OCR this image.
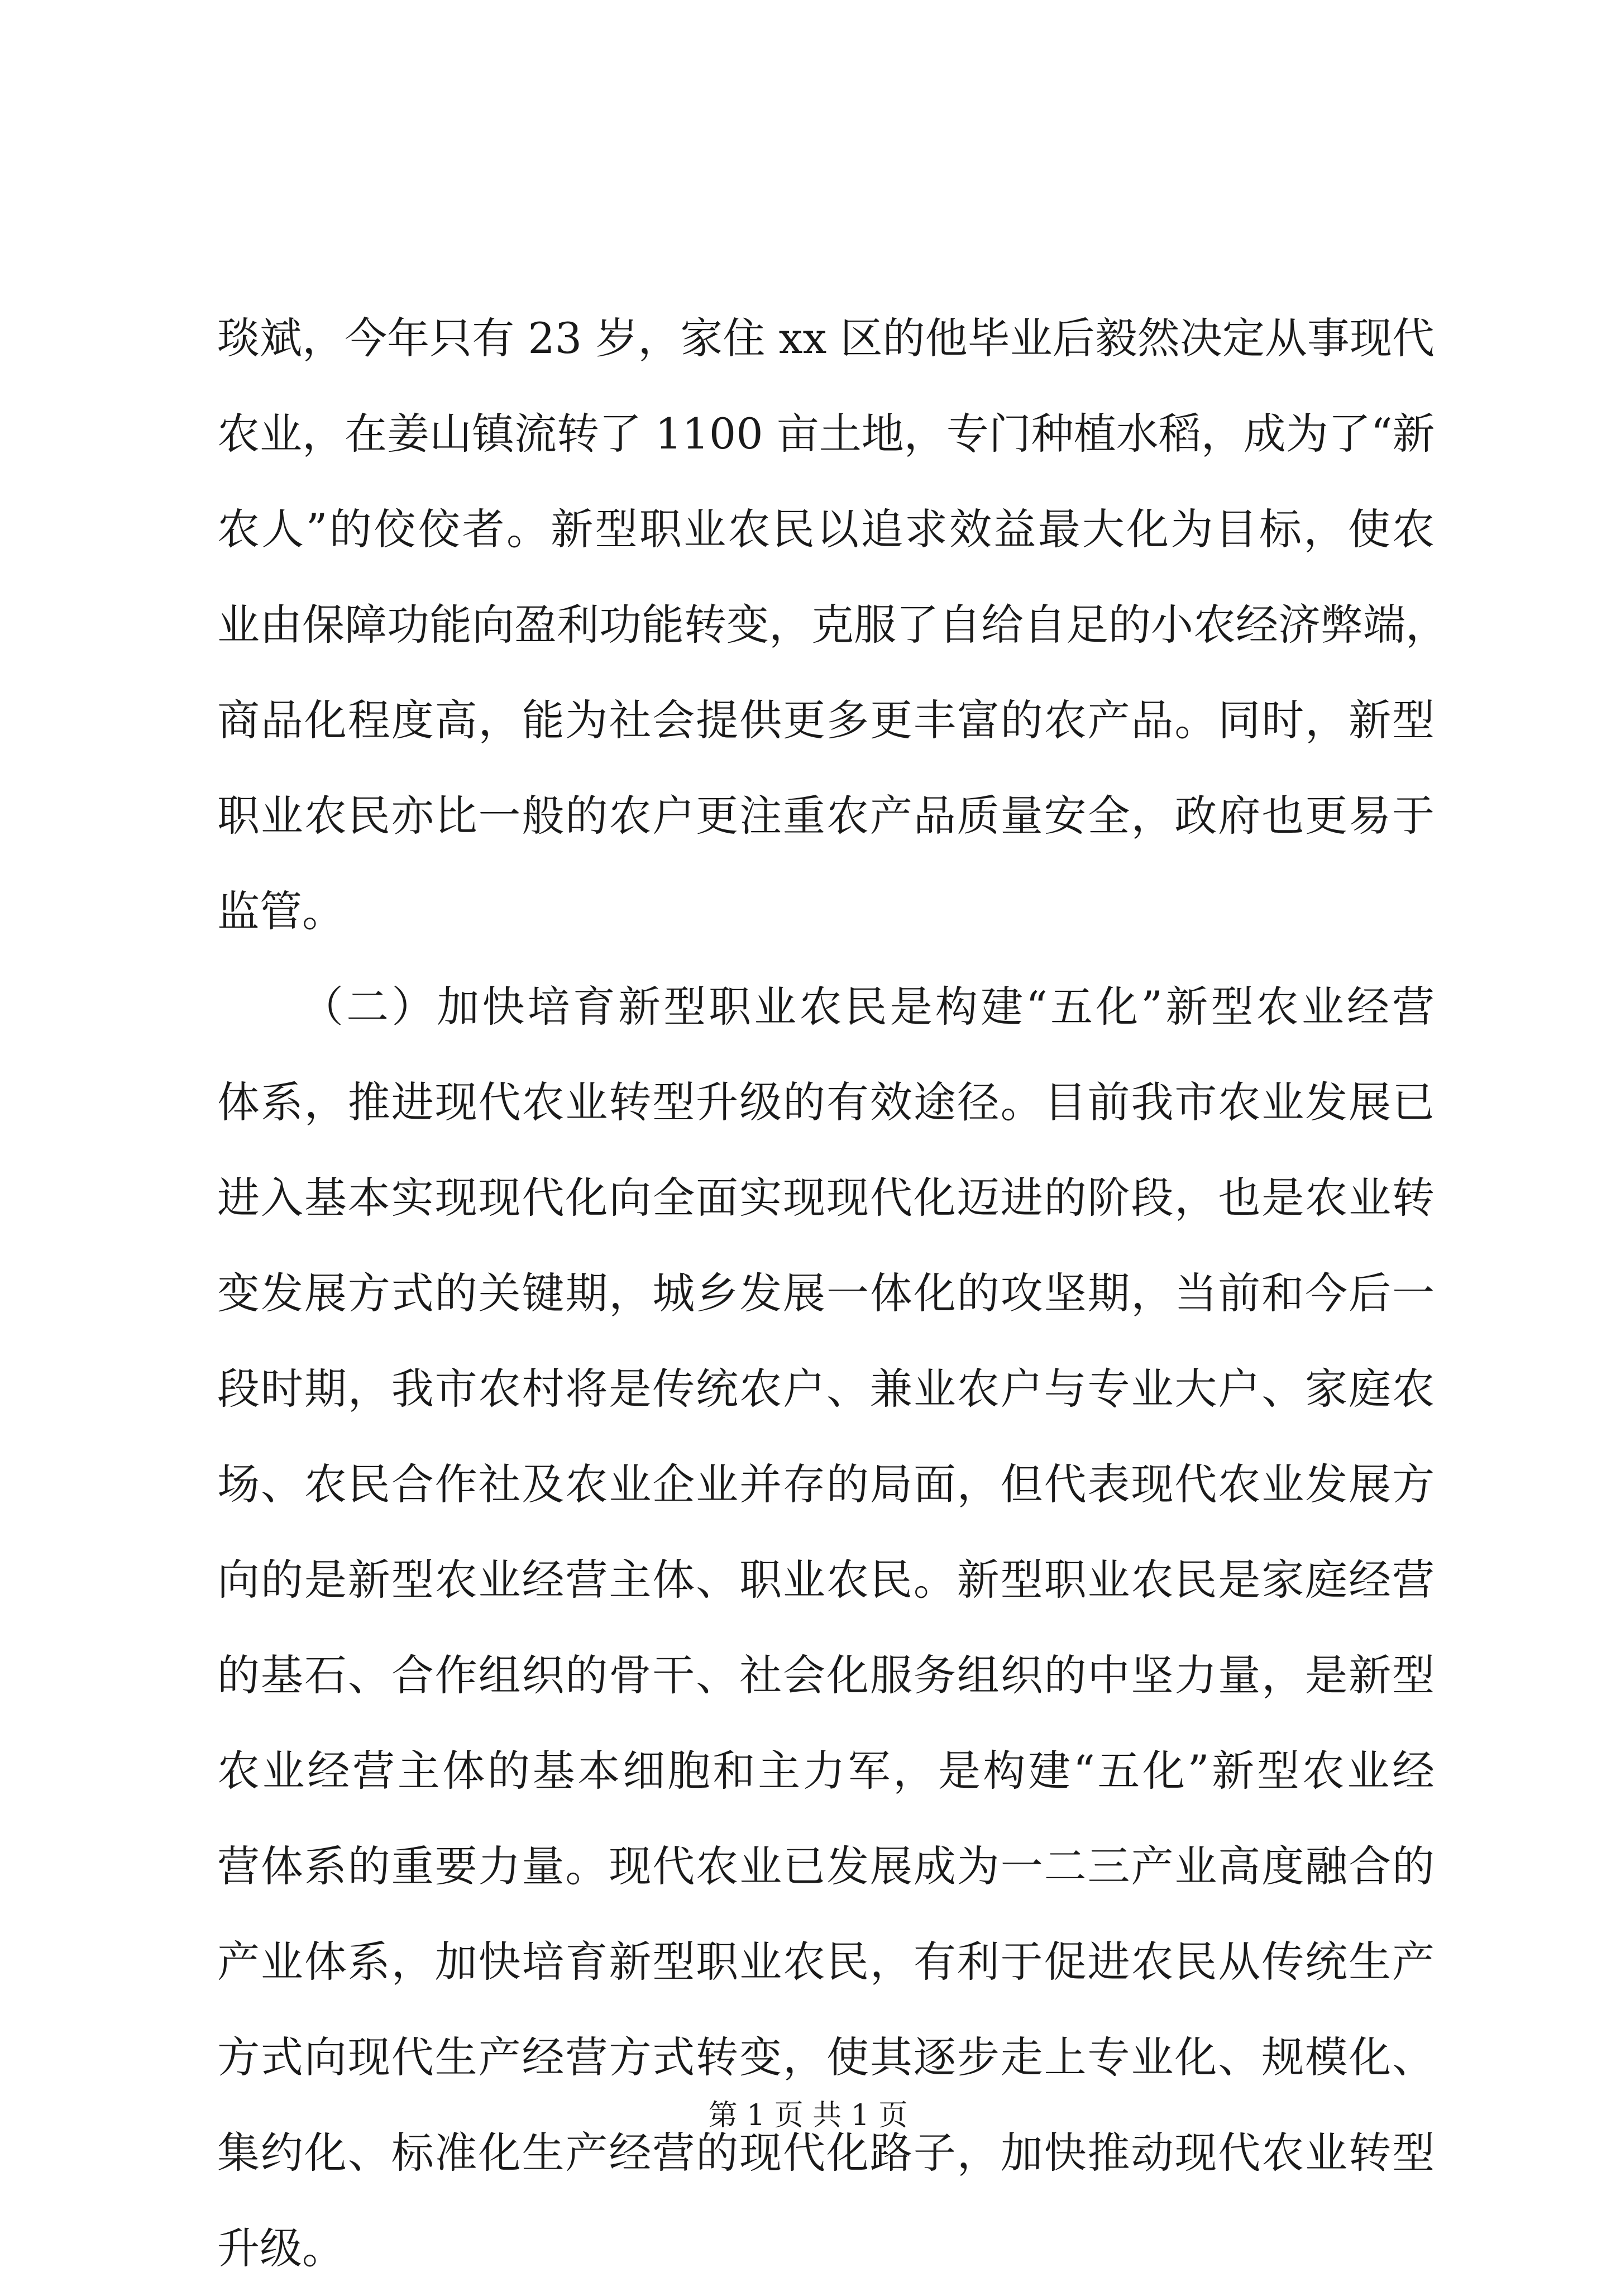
琰斌，今年只有 23 岁，家住 xx 区的他毕业后毅然决定从事现代
农业，在姜山镇流转了 1100 亩土地，专门种植水稻，成为了“新
农人”的佼佼者。新型职业农民以追求效益最大化为目标，使农
业由保障功能向盈利功能转变，克服了自给自足的小农经济弊端，
商品化程度高，能为社会提供更多更丰富的农产品。同时，新型
职业农民亦比一般的农户更注重农产品质量安全，政府也更易于
监管。
（二）加快培育新型职业农民是构建“五化”新型农业经营
体系，推进现代农业转型升级的有效途径。目前我市农业发展已
进入基本实现现代化向全面实现现代化迈进的阶段，也是农业转
变发展方式的关键期，城乡发展一体化的攻坚期，当前和今后一
段时期，我市农村将是传统农户、兼业农户与专业大户、家庭农
场、农民合作社及农业企业并存的局面，但代表现代农业发展方
向的是新型农业经营主体、职业农民。新型职业农民是家庭经营
的基石、合作组织的骨干、社会化服务组织的中坚力量，是新型
农业经营主体的基本细胞和主力军，是构建“五化”新型农业经
营体系的重要力量。现代农业已发展成为一二三产业高度融合的
产业体系，加快培育新型职业农民，有利于促进农民从传统生产
方式向现代生产经营方式转变，使其逐步走上专业化、规模化、
集约化、标准化生产经营的现代化路子，加快推动现代农业转型
升级。
第 1 页 共 1 页
